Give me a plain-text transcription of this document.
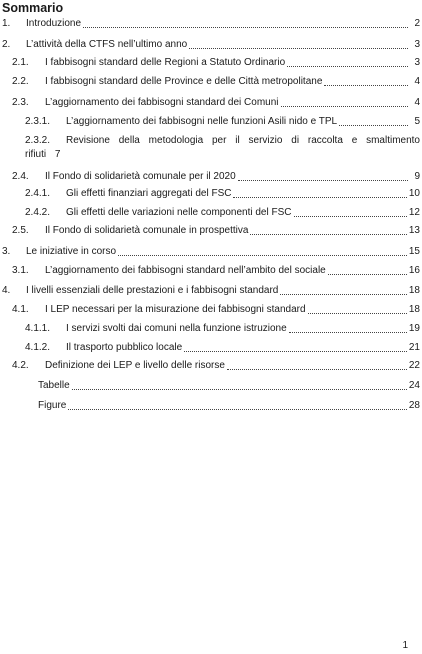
Sommario
1.	Introduzione	2
2.	L’attività della CTFS nell’ultimo anno	3
2.1.	I fabbisogni standard delle Regioni a Statuto Ordinario	3
2.2.	I fabbisogni standard delle Province e delle Città metropolitane	4
2.3.	L’aggiornamento dei fabbisogni standard dei Comuni	4
2.3.1.	L’aggiornamento dei fabbisogni nelle funzioni Asili nido e TPL	5
2.3.2.	Revisione della metodologia per il servizio di raccolta e smaltimento
rifiuti 7
2.4.	Il Fondo di solidarietà comunale per il 2020	9
2.4.1.	Gli effetti finanziari aggregati del FSC	10
2.4.2.	Gli effetti delle variazioni nelle componenti del FSC	12
2.5.	Il Fondo di solidarietà comunale in prospettiva	13
3.	Le iniziative in corso	15
3.1.	L’aggiornamento dei fabbisogni standard nell’ambito del sociale	16
4.	I livelli essenziali delle prestazioni e i fabbisogni standard	18
4.1.	I LEP necessari per la misurazione dei fabbisogni standard	18
4.1.1.	I servizi svolti dai comuni nella funzione istruzione	19
4.1.2.	Il trasporto pubblico locale	21
4.2.	Definizione dei LEP e livello delle risorse	22
Tabelle	24
Figure	28
1
